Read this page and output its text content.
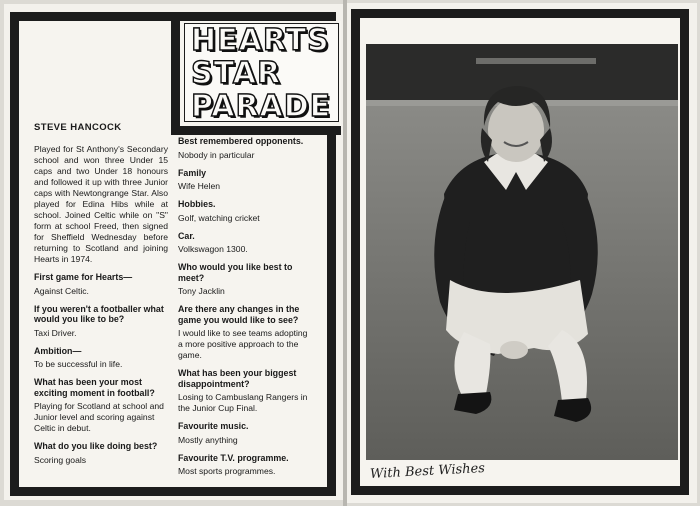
HEARTS
STAR
PARADE

STEVE HANCOCK

Played for St Anthony's Secondary school and won three Under 15 caps and two Under 18 honours and followed it up with three Junior caps with Newtongrange Star. Also played for Edina Hibs while at school. Joined Celtic while on "S" form at school Freed, then signed for Sheffield Wednesday before returning to Scotland and joining Hearts in 1974.

First game for Hearts—

Against Celtic.

If you weren't a footballer what would you like to be?

Taxi Driver.

Ambition—

To be successful in life.

What has been your most exciting moment in football?

Playing for Scotland at school and Junior level and scoring against Celtic in debut.

What do you like doing best?

Scoring goals

Best remembered opponents.

Nobody in particular

Family

Wife Helen

Hobbies.

Golf, watching cricket

Car.

Volkswagon 1300.

Who would you like best to meet?

Tony Jacklin

Are there any changes in the game you would like to see?

I would like to see teams adopting a more positive approach to the game.

What has been your biggest disappointment?

Losing to Cambuslang Rangers in the Junior Cup Final.

Favourite music.

Mostly anything

Favourite T.V. programme.

Most sports programmes.	With Best Wishes
